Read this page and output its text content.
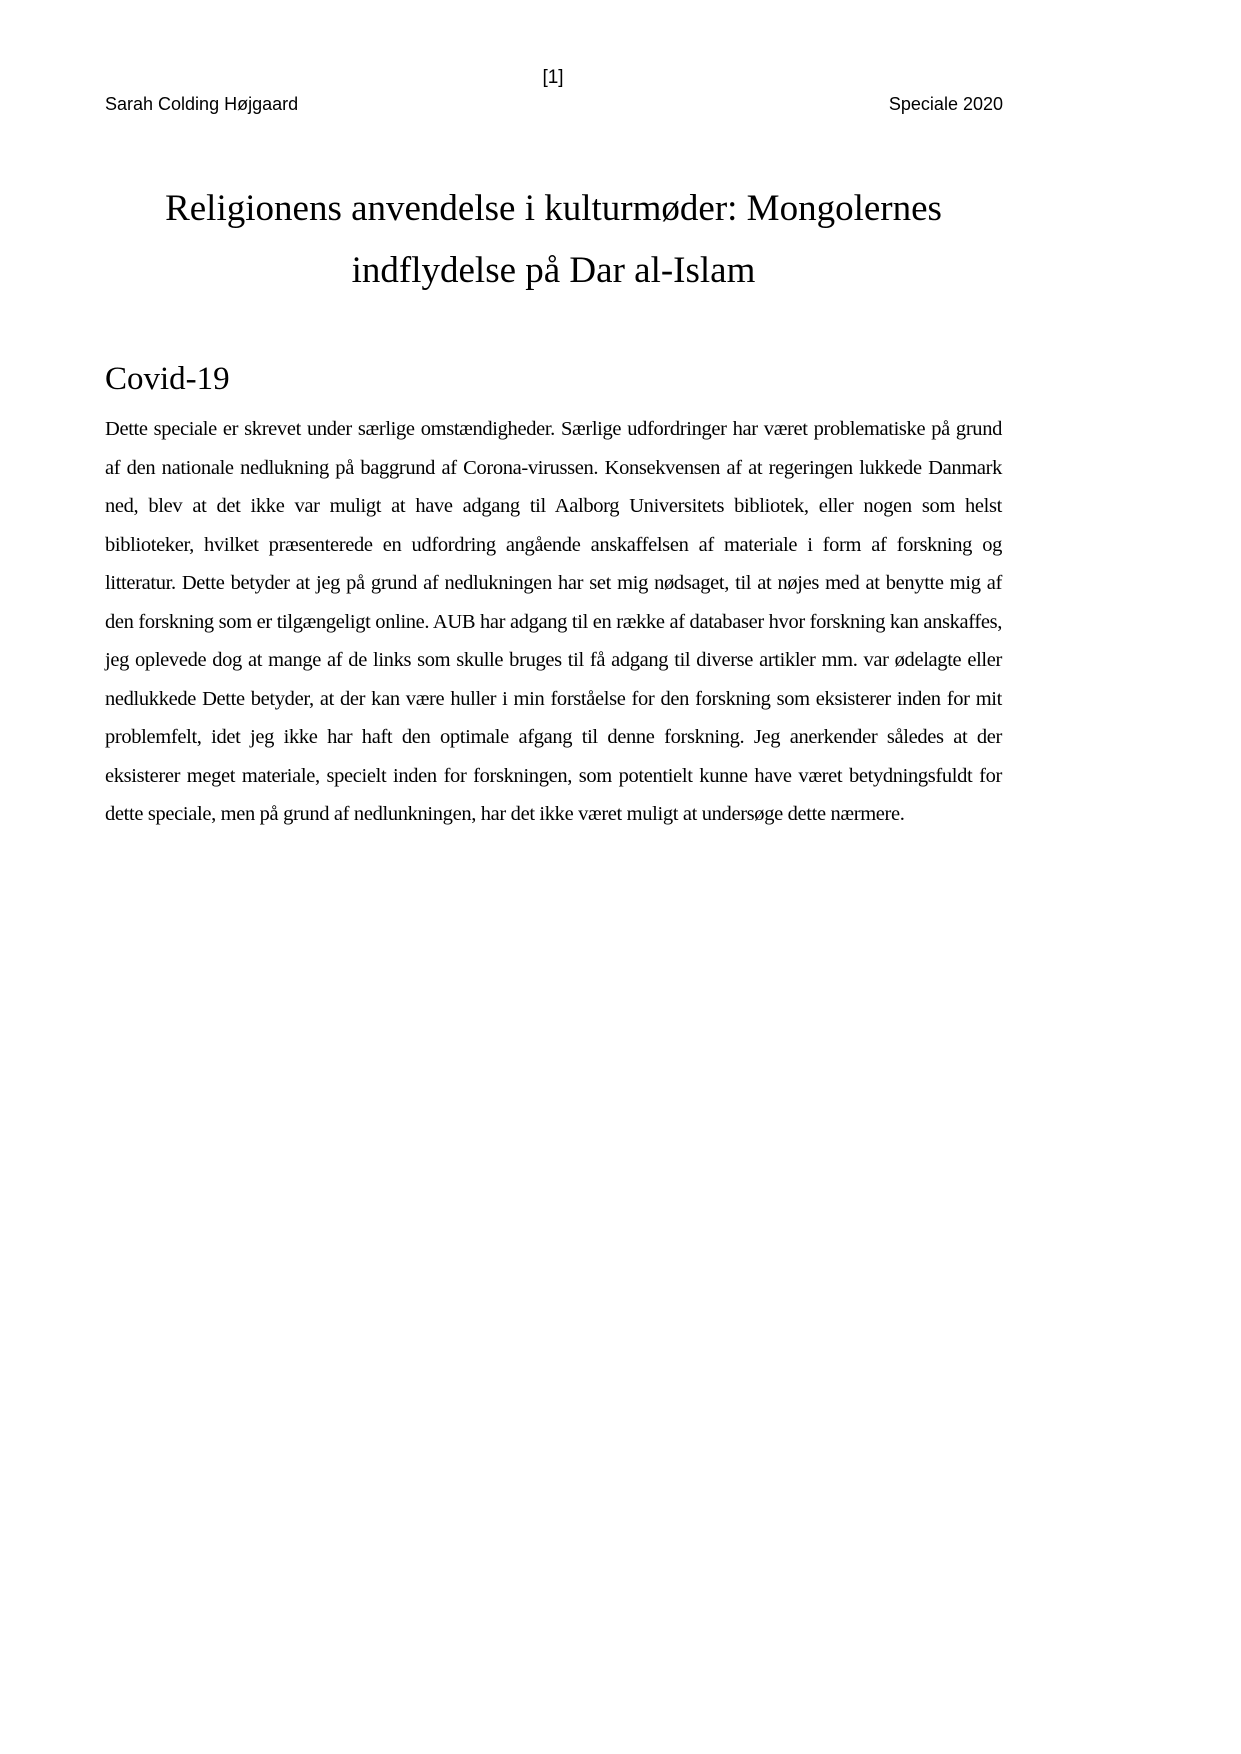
[1]
Sarah Colding Højgaard	Speciale 2020
Religionens anvendelse i kulturmøder: Mongolernes
indflydelse på Dar al-Islam
Covid-19

Dette speciale er skrevet under særlige omstændigheder. Særlige udfordringer har været problematiske på grund af den nationale nedlukning på baggrund af Corona-virussen. Konsekvensen af at regeringen lukkede Danmark ned, blev at det ikke var muligt at have adgang til Aalborg Universitets bibliotek, eller nogen som helst biblioteker, hvilket præsenterede en udfordring angående anskaffelsen af materiale i form af forskning og litteratur. Dette betyder at jeg på grund af nedlukningen har set mig nødsaget, til at nøjes med at benytte mig af den forskning som er tilgængeligt online. AUB har adgang til en række af databaser hvor forskning kan anskaffes, jeg oplevede dog at mange af de links som skulle bruges til få adgang til diverse artikler mm. var ødelagte eller nedlukkede Dette betyder, at der kan være huller i min forståelse for den forskning som eksisterer inden for mit problemfelt, idet jeg ikke har haft den optimale afgang til denne forskning. Jeg anerkender således at der eksisterer meget materiale, specielt inden for forskningen, som potentielt kunne have været betydningsfuldt for dette speciale, men på grund af nedlunkningen, har det ikke været muligt at undersøge dette nærmere.
